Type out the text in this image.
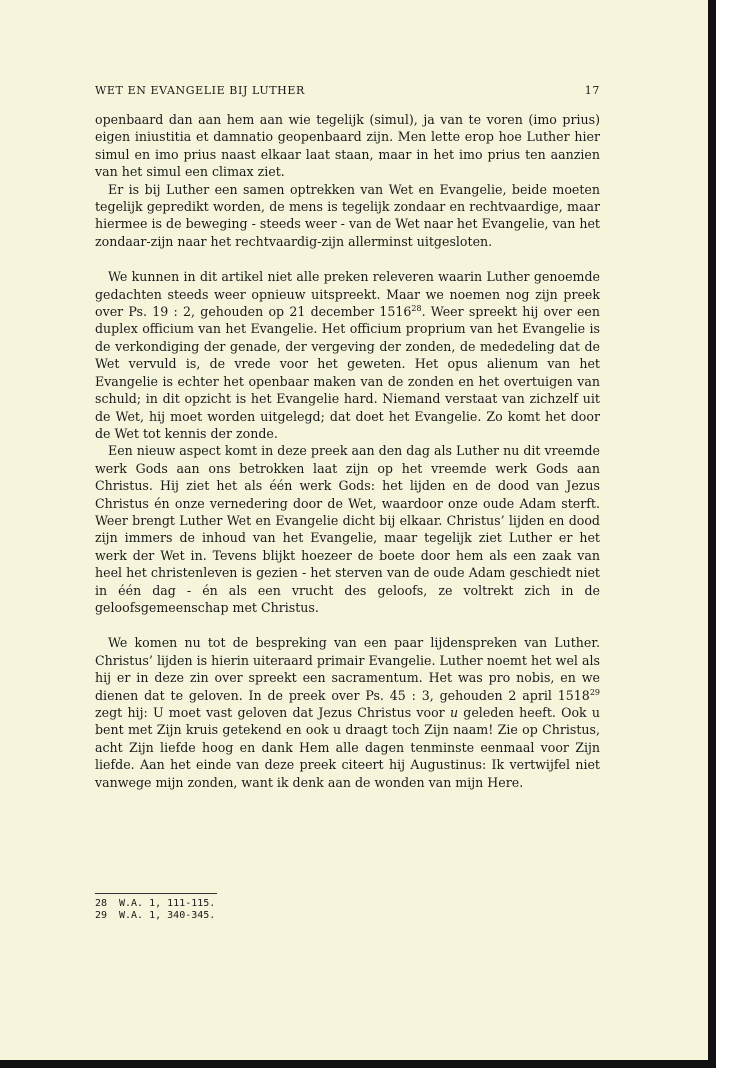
WET EN EVANGELIE BIJ LUTHER	17

openbaard dan aan hem aan wie tegelijk (simul), ja van te voren (imo prius) eigen iniustitia et damnatio geopenbaard zijn. Men lette erop hoe Luther hier simul en imo prius naast elkaar laat staan, maar in het imo prius ten aanzien van het simul een climax ziet.

Er is bij Luther een samen optrekken van Wet en Evangelie, beide moeten tegelijk gepredikt worden, de mens is tegelijk zondaar en rechtvaardige, maar hiermee is de beweging - steeds weer - van de Wet naar het Evangelie, van het zondaar-zijn naar het rechtvaardig-zijn allerminst uitgesloten.

We kunnen in dit artikel niet alle preken releveren waarin Luther genoemde gedachten steeds weer opnieuw uitspreekt. Maar we noemen nog zijn preek over Ps. 19 : 2, gehouden op 21 december 1516$^{28}$. Weer spreekt hij over een duplex officium van het Evangelie. Het officium proprium van het Evangelie is de verkondiging der genade, der vergeving der zonden, de mededeling dat de Wet vervuld is, de vrede voor het geweten. Het opus alienum van het Evangelie is echter het openbaar maken van de zonden en het overtuigen van schuld; in dit opzicht is het Evangelie hard. Niemand verstaat van zichzelf uit de Wet, hij moet worden uitgelegd; dat doet het Evangelie. Zo komt het door de Wet tot kennis der zonde.

Een nieuw aspect komt in deze preek aan den dag als Luther nu dit vreemde werk Gods aan ons betrokken laat zijn op het vreemde werk Gods aan Christus. Hij ziet het als één werk Gods: het lijden en de dood van Jezus Christus én onze vernedering door de Wet, waardoor onze oude Adam sterft. Weer brengt Luther Wet en Evangelie dicht bij elkaar. Christus’ lijden en dood zijn immers de inhoud van het Evangelie, maar tegelijk ziet Luther er het werk der Wet in. Tevens blijkt hoezeer de boete door hem als een zaak van heel het christenleven is gezien - het sterven van de oude Adam geschiedt niet in één dag - én als een vrucht des geloofs, ze voltrekt zich in de geloofsgemeenschap met Christus.

We komen nu tot de bespreking van een paar lijdenspreken van Luther. Christus’ lijden is hierin uiteraard primair Evangelie. Luther noemt het wel als hij er in deze zin over spreekt een sacramentum. Het was pro nobis, en we dienen dat te geloven. In de preek over Ps. 45 : 3, gehouden 2 april 1518$^{29}$ zegt hij: U moet vast geloven dat Jezus Christus voor u geleden heeft. Ook u bent met Zijn kruis getekend en ook u draagt toch Zijn naam! Zie op Christus, acht Zijn liefde hoog en dank Hem alle dagen tenminste eenmaal voor Zijn liefde. Aan het einde van deze preek citeert hij Augustinus: Ik vertwijfel niet vanwege mijn zonden, want ik denk aan de wonden van mijn Here.

28 W.A. 1, 111-115.
29 W.A. 1, 340-345.
